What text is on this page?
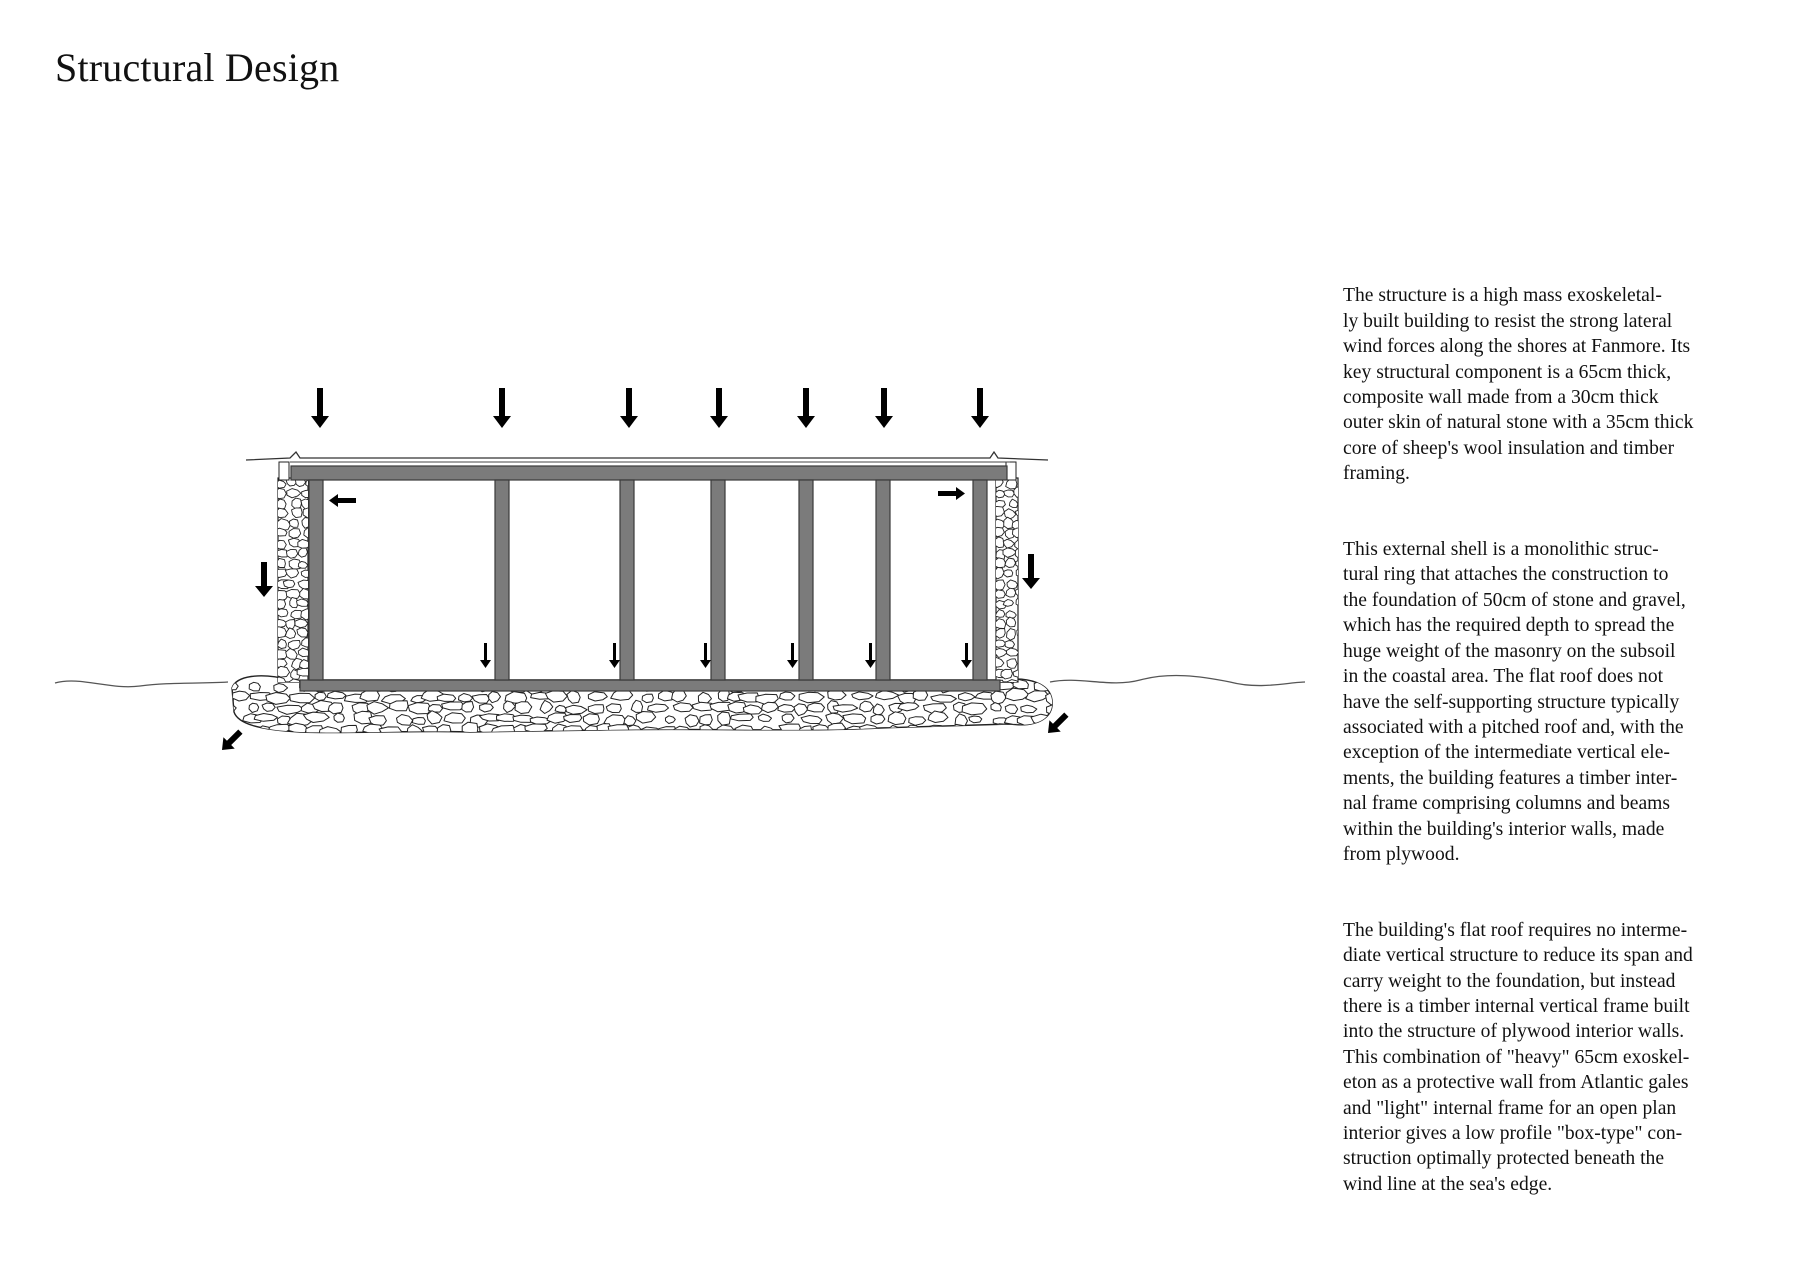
Structural Design

The structure is a high mass exoskeletal-
ly built building to resist the strong lateral
wind forces along the shores at Fanmore. Its
key structural component is a 65cm thick,
composite wall made from a 30cm thick
outer skin of natural stone with a 35cm thick
core of sheep's wool insulation and timber
framing.

This external shell is a monolithic struc-
tural ring that attaches the construction to
the foundation of 50cm of stone and gravel,
which has the required depth to spread the
huge weight of the masonry on the subsoil
in the coastal area. The flat roof does not
have the self-supporting structure typically
associated with a pitched roof and, with the
exception of the intermediate vertical ele-
ments, the building features a timber inter-
nal frame comprising columns and beams
within the building's interior walls, made
from plywood.

The building's flat roof requires no interme-
diate vertical structure to reduce its span and
carry weight to the foundation, but instead
there is a timber internal vertical frame built
into the structure of plywood interior walls.
This combination of "heavy" 65cm exoskel-
eton as a protective wall from Atlantic gales
and "light" internal frame for an open plan
interior gives a low profile "box-type" con-
struction optimally protected beneath the
wind line at the sea's edge.
